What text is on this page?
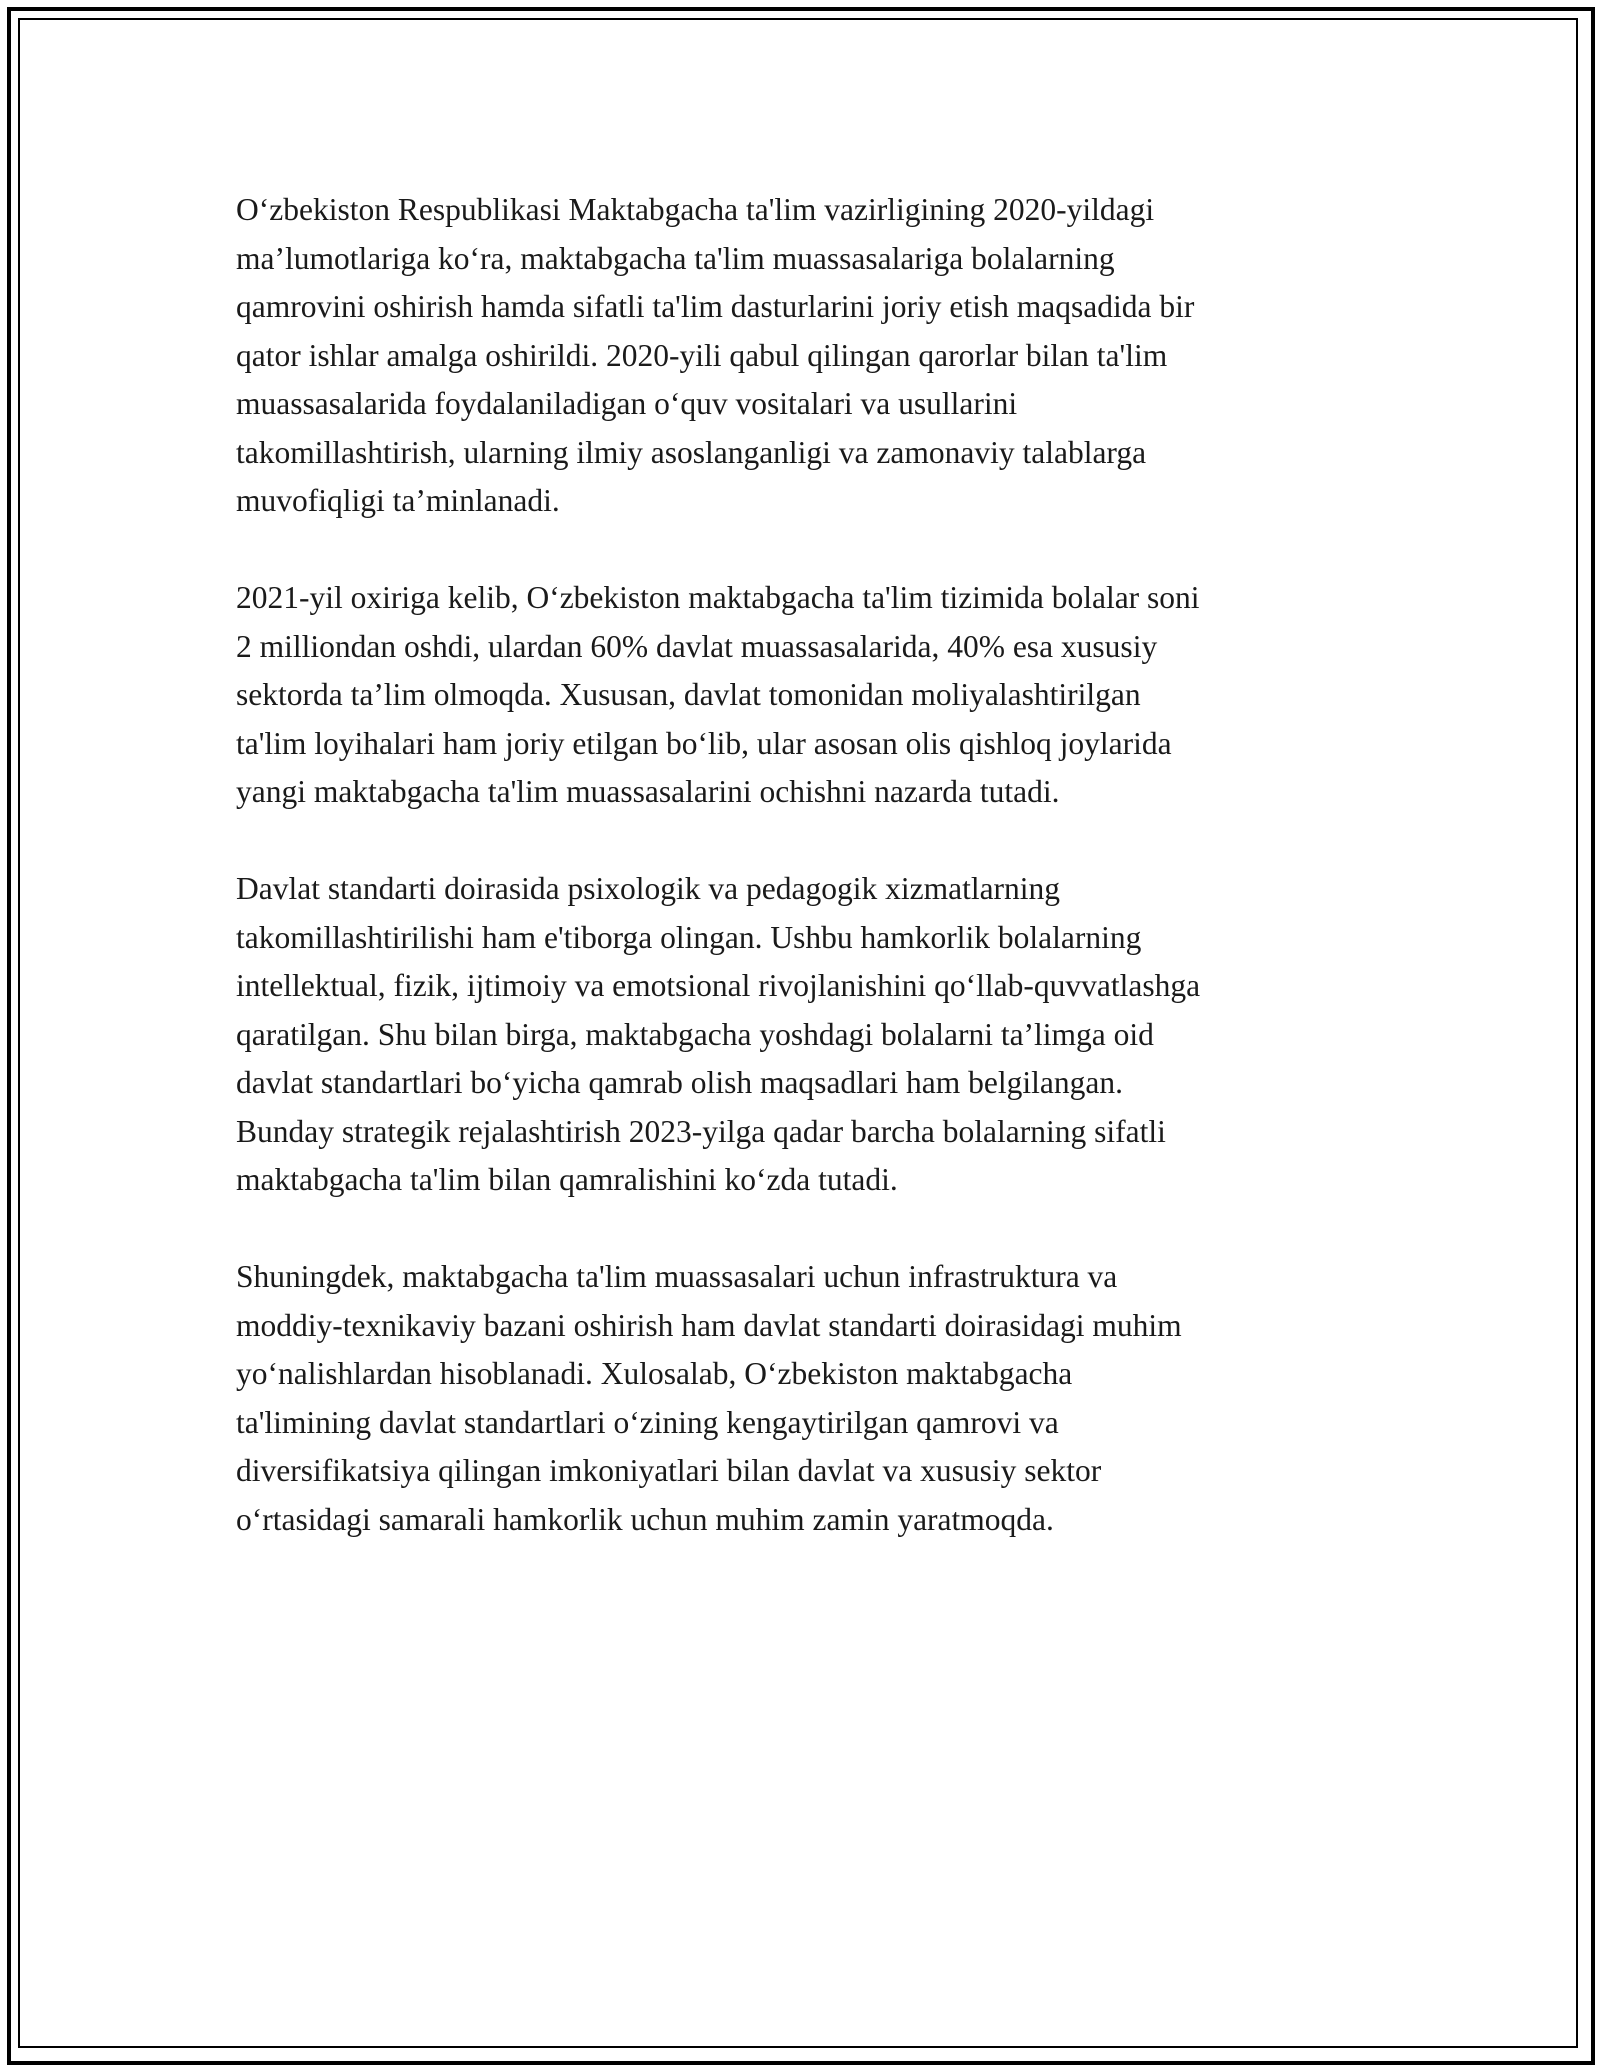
O‘zbekiston Respublikasi Maktabgacha ta'lim vazirligining 2020-yildagi
ma’lumotlariga ko‘ra, maktabgacha ta'lim muassasalariga bolalarning
qamrovini oshirish hamda sifatli ta'lim dasturlarini joriy etish maqsadida bir
qator ishlar amalga oshirildi. 2020-yili qabul qilingan qarorlar bilan ta'lim
muassasalarida foydalaniladigan o‘quv vositalari va usullarini
takomillashtirish, ularning ilmiy asoslanganligi va zamonaviy talablarga
muvofiqligi ta’minlanadi.

2021-yil oxiriga kelib, O‘zbekiston maktabgacha ta'lim tizimida bolalar soni
2 milliondan oshdi, ulardan 60% davlat muassasalarida, 40% esa xususiy
sektorda ta’lim olmoqda. Xususan, davlat tomonidan moliyalashtirilgan
ta'lim loyihalari ham joriy etilgan bo‘lib, ular asosan olis qishloq joylarida
yangi maktabgacha ta'lim muassasalarini ochishni nazarda tutadi.

Davlat standarti doirasida psixologik va pedagogik xizmatlarning
takomillashtirilishi ham e'tiborga olingan. Ushbu hamkorlik bolalarning
intellektual, fizik, ijtimoiy va emotsional rivojlanishini qo‘llab-quvvatlashga
qaratilgan. Shu bilan birga, maktabgacha yoshdagi bolalarni ta’limga oid
davlat standartlari bo‘yicha qamrab olish maqsadlari ham belgilangan.
Bunday strategik rejalashtirish 2023-yilga qadar barcha bolalarning sifatli
maktabgacha ta'lim bilan qamralishini ko‘zda tutadi.

Shuningdek, maktabgacha ta'lim muassasalari uchun infrastruktura va
moddiy-texnikaviy bazani oshirish ham davlat standarti doirasidagi muhim
yo‘nalishlardan hisoblanadi. Xulosalab, O‘zbekiston maktabgacha
ta'limining davlat standartlari o‘zining kengaytirilgan qamrovi va
diversifikatsiya qilingan imkoniyatlari bilan davlat va xususiy sektor
o‘rtasidagi samarali hamkorlik uchun muhim zamin yaratmoqda.
